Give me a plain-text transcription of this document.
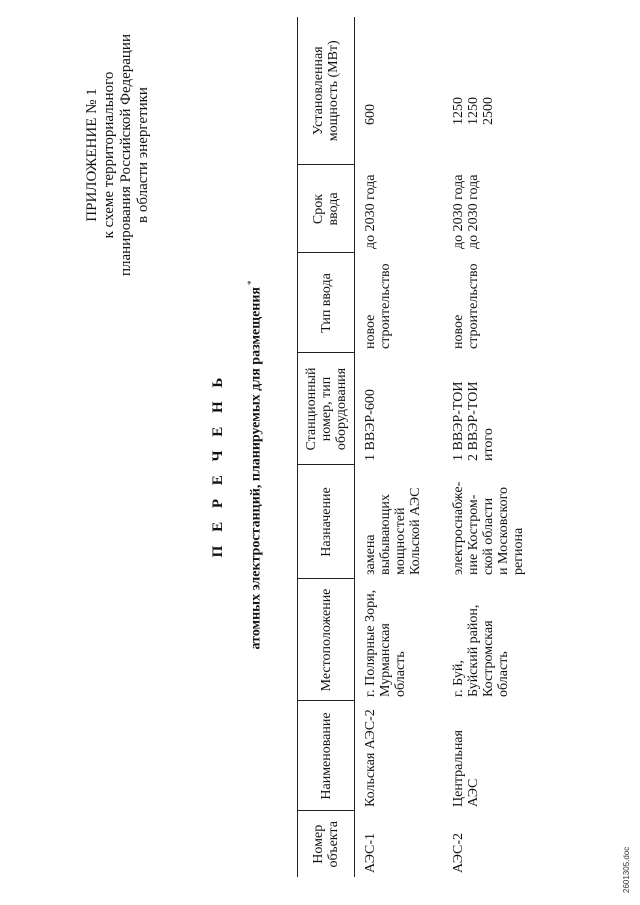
ПРИЛОЖЕНИЕ № 1 к схеме территориального планирования Российской Федерации в области энергетики
П Е Р Е Ч Е Н Ь атомных электростанций, планируемых для размещения*
Номер объекта	Наименование	Местоположение	Назначение	Станционный номер, тип оборудования	Тип ввода	Срок ввода	Установленная мощность (МВт)

АЭС-1	Кольская АЭС-2	г. Полярные Зори, Мурманская область	замена выбывающих мощностей Кольской АЭС	1 ВВЭР-600	новое строительство	до 2030 года	600

АЭС-2	Центральная АЭС	г. Буй, Буйский район, Костромская область	электроснабже- ние Костром- ской области и Московского региона	1 ВВЭР-ТОИ 2 ВВЭР-ТОИ итого	новое строительство	до 2030 года до 2030 года	1250 1250 2500
2601305.doc
